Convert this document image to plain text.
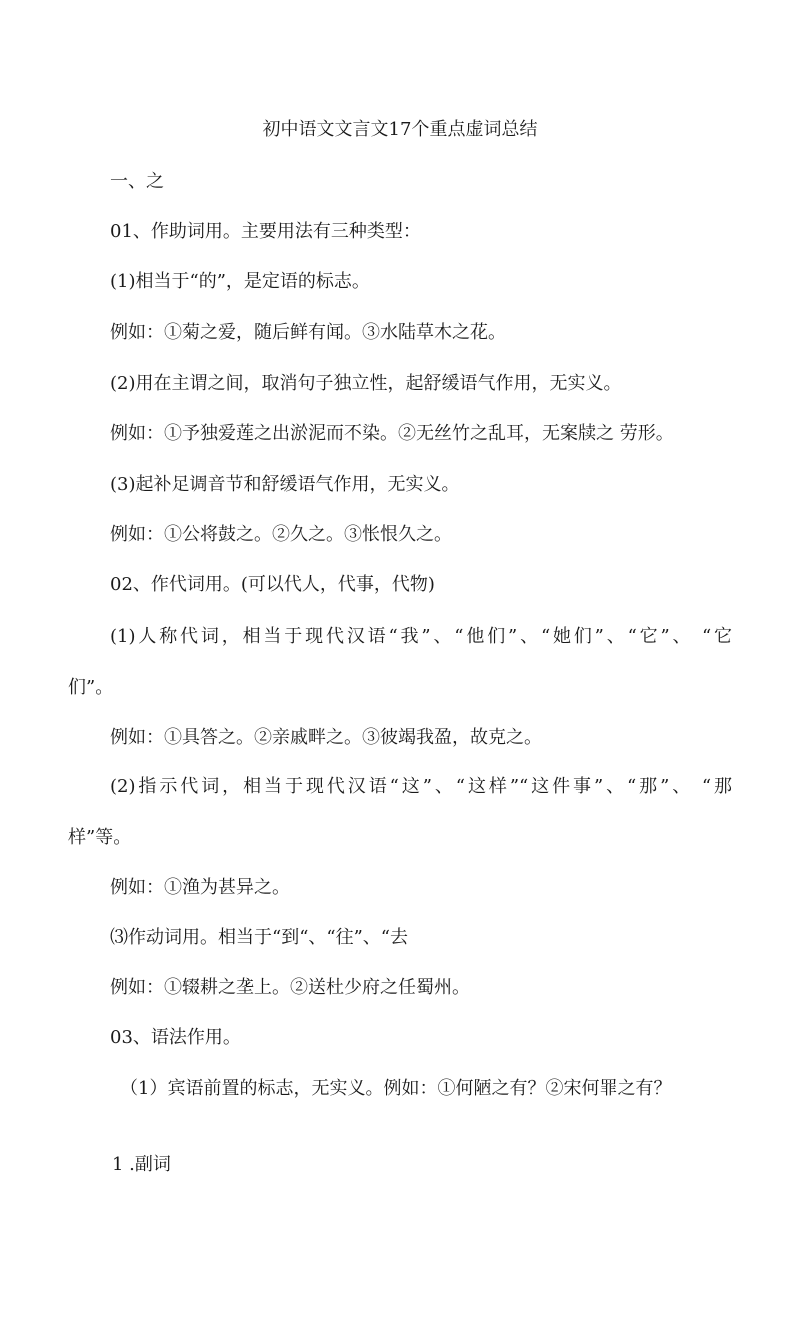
初中语文文言文17个重点虚词总结
一、之
01、作助词用。主要用法有三种类型：
(1)相当于“的”，是定语的标志。
例如：①菊之爱，随后鲜有闻。③水陆草木之花。
(2)用在主谓之间，取消句子独立性，起舒缓语气作用，无实义。
例如：①予独爱莲之出淤泥而不染。②无丝竹之乱耳，无案牍之 劳形。
(3)起补足调音节和舒缓语气作用，无实义。
例如：①公将鼓之。②久之。③怅恨久之。
02、作代词用。(可以代人，代事，代物)
(1)人称代词，相当于现代汉语“我”、“他们”、“她们”、“它”、 “它
们”。
例如：①具答之。②亲戚畔之。③彼竭我盈，故克之。
(2)指示代词，相当于现代汉语“这”、“这样”“这件事”、“那”、 “那
样”等。
例如：①渔为甚异之。
⑶作动词用。相当于“到“、“往”、“去
例如：①辍耕之垄上。②送杜少府之任蜀州。
03、语法作用。
（1）宾语前置的标志，无实义。例如：①何陋之有？②宋何罪之有？
1 .副词
